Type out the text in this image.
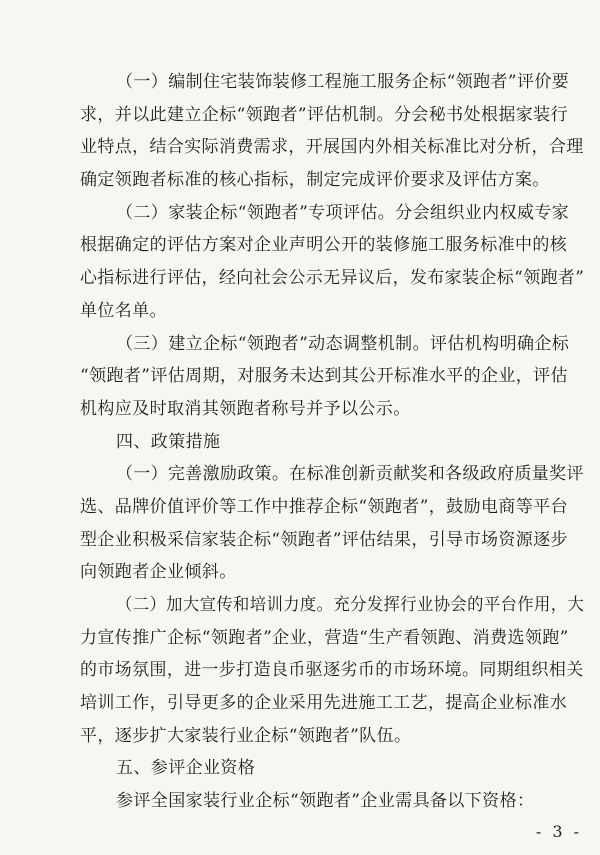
（一）编制住宅装饰装修工程施工服务企标“领跑者”评价要
求，并以此建立企标“领跑者”评估机制。分会秘书处根据家装行
业特点，结合实际消费需求，开展国内外相关标准比对分析，合理
确定领跑者标准的核心指标，制定完成评价要求及评估方案。
（二）家装企标“领跑者”专项评估。分会组织业内权威专家
根据确定的评估方案对企业声明公开的装修施工服务标准中的核
心指标进行评估，经向社会公示无异议后，发布家装企标“领跑者”
单位名单。
（三）建立企标“领跑者”动态调整机制。评估机构明确企标
“领跑者”评估周期，对服务未达到其公开标准水平的企业，评估
机构应及时取消其领跑者称号并予以公示。
四、政策措施
（一）完善激励政策。在标准创新贡献奖和各级政府质量奖评
选、品牌价值评价等工作中推荐企标“领跑者”，鼓励电商等平台
型企业积极采信家装企标“领跑者”评估结果，引导市场资源逐步
向领跑者企业倾斜。
（二）加大宣传和培训力度。充分发挥行业协会的平台作用，大
力宣传推广企标“领跑者”企业，营造“生产看领跑、消费选领跑”
的市场氛围，进一步打造良币驱逐劣币的市场环境。同期组织相关
培训工作，引导更多的企业采用先进施工工艺，提高企业标准水
平，逐步扩大家装行业企标“领跑者”队伍。
五、参评企业资格
参评全国家装行业企标“领跑者”企业需具备以下资格：
- 3 -
